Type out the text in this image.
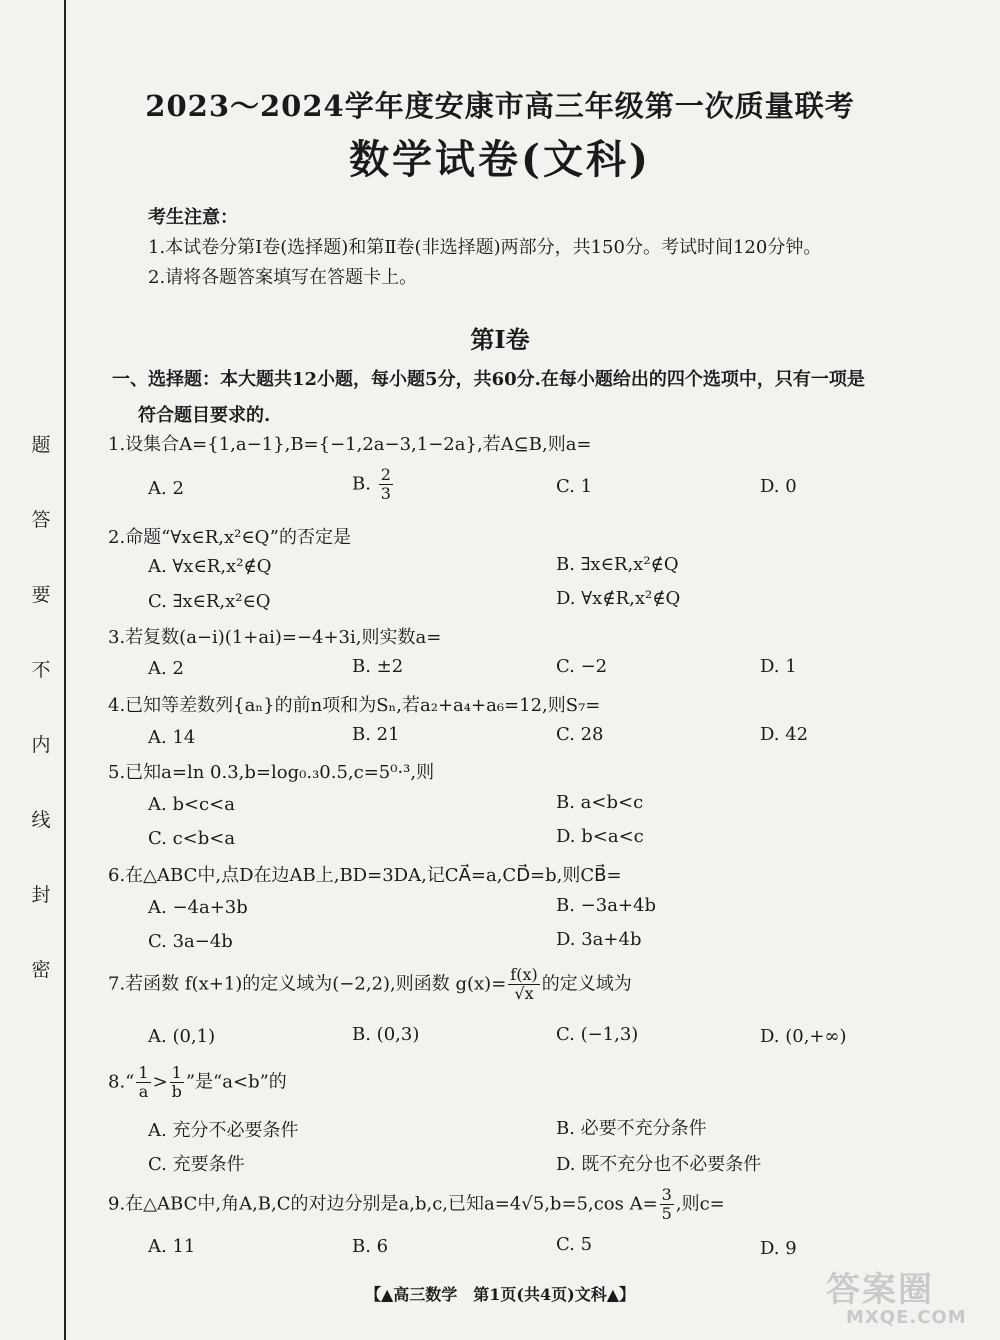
题
答
要
不
内
线
封
密
2023～2024学年度安康市高三年级第一次质量联考
数学试卷(文科)
考生注意：
1.本试卷分第Ⅰ卷(选择题)和第Ⅱ卷(非选择题)两部分，共150分。考试时间120分钟。
2.请将各题答案填写在答题卡上。
第Ⅰ卷
一、选择题：本大题共12小题，每小题5分，共60分.在每小题给出的四个选项中，只有一项是
符合题目要求的.
1.设集合A={1,a−1},B={−1,2a−3,1−2a},若A⊆B,则a=
A. 2	B. $\frac{2}{3}$	C. 1	D. 0
2.命题“∀x∈R,x²∈Q”的否定是
A. ∀x∈R,x²∉Q	B. ∃x∈R,x²∉Q
C. ∃x∈R,x²∈Q	D. ∀x∉R,x²∉Q
3.若复数(a−i)(1+ai)=−4+3i,则实数a=
A. 2	B. ±2	C. −2	D. 1
4.已知等差数列{aₙ}的前n项和为Sₙ,若a₂+a₄+a₆=12,则S₇=
A. 14	B. 21	C. 28	D. 42
5.已知a=ln 0.3,b=log₀.₃0.5,c=5⁰·³,则
A. b<c<a	B. a<b<c
C. c<b<a	D. b<a<c
6.在△ABC中,点D在边AB上,BD=3DA,记CA⃗=a,CD⃗=b,则CB⃗=
A. −4a+3b	B. −3a+4b
C. 3a−4b	D. 3a+4b
7.若函数 f(x+1)的定义域为(−2,2),则函数 $g(x)= \frac{f(x)}{√x}$ 的定义域为
A. (0,1)	B. (0,3)	C. (−1,3)	D. (0,+∞)
8.“ $\frac{1}{a} > \frac{1}{b}$ ”是“a<b”的
A. 充分不必要条件	B. 必要不充分条件
C. 充要条件	D. 既不充分也不必要条件
9.在△ABC中,角A,B,C的对边分别是a,b,c,已知a=4√5,b=5,cos $A= \frac{3}{5}$ ,则c=
A. 11	B. 6	C. 5	D. 9
【▲高三数学　第1页(共4页)文科▲】	答案圈
MXQE.COM
